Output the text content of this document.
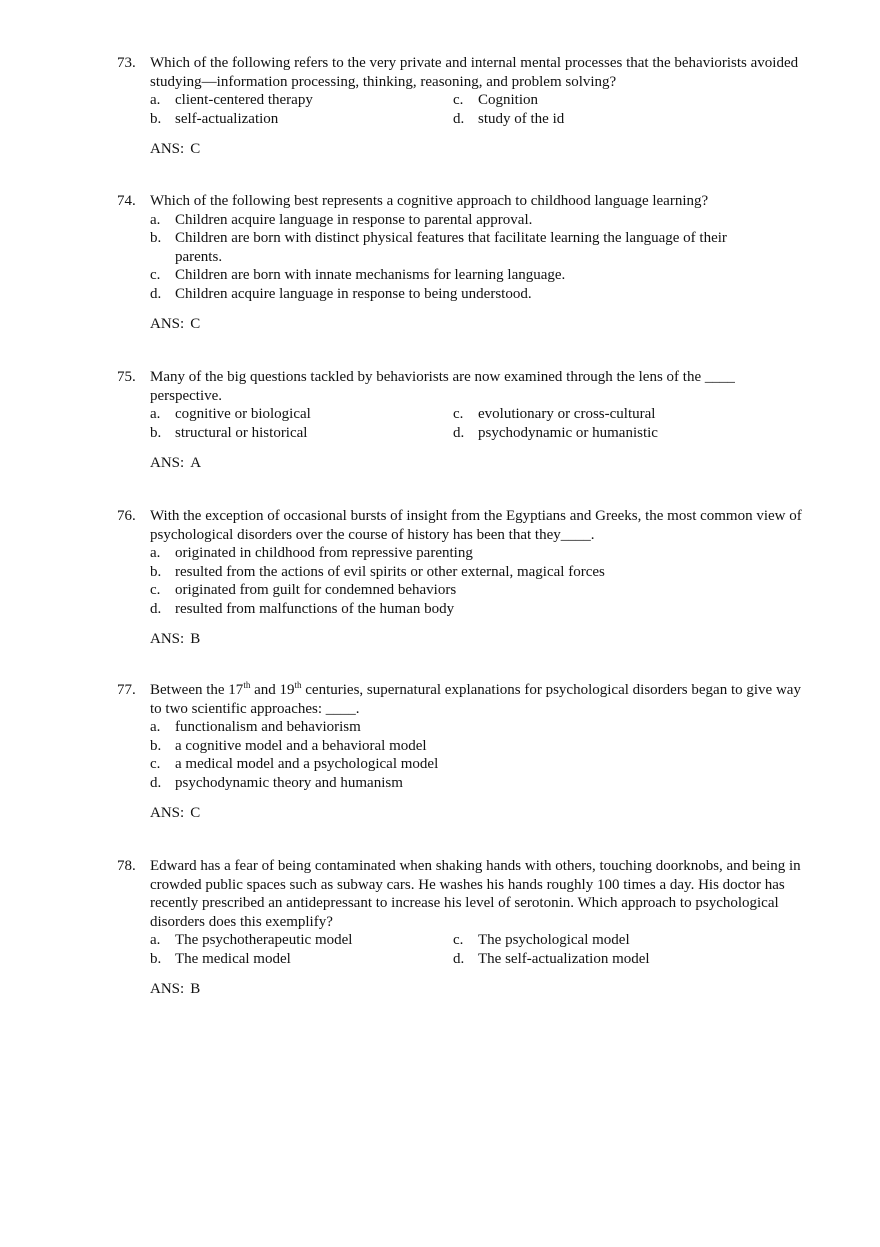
73. Which of the following refers to the very private and internal mental processes that the behaviorists avoided studying—information processing, thinking, reasoning, and problem solving?
a. client-centered therapy	c. Cognition
b. self-actualization	d. study of the id
ANS: C
74. Which of the following best represents a cognitive approach to childhood language learning?
a. Children acquire language in response to parental approval.
b. Children are born with distinct physical features that facilitate learning the language of their parents.
c. Children are born with innate mechanisms for learning language.
d. Children acquire language in response to being understood.
ANS: C
75. Many of the big questions tackled by behaviorists are now examined through the lens of the ____ perspective.
a. cognitive or biological	c. evolutionary or cross-cultural
b. structural or historical	d. psychodynamic or humanistic
ANS: A
76. With the exception of occasional bursts of insight from the Egyptians and Greeks, the most common view of psychological disorders over the course of history has been that they____.
a. originated in childhood from repressive parenting
b. resulted from the actions of evil spirits or other external, magical forces
c. originated from guilt for condemned behaviors
d. resulted from malfunctions of the human body
ANS: B
77. Between the 17th and 19th centuries, supernatural explanations for psychological disorders began to give way to two scientific approaches: ____.
a. functionalism and behaviorism
b. a cognitive model and a behavioral model
c. a medical model and a psychological model
d. psychodynamic theory and humanism
ANS: C
78. Edward has a fear of being contaminated when shaking hands with others, touching doorknobs, and being in crowded public spaces such as subway cars. He washes his hands roughly 100 times a day. His doctor has recently prescribed an antidepressant to increase his level of serotonin. Which approach to psychological disorders does this exemplify?
a. The psychotherapeutic model	c. The psychological model
b. The medical model	d. The self-actualization model
ANS: B
